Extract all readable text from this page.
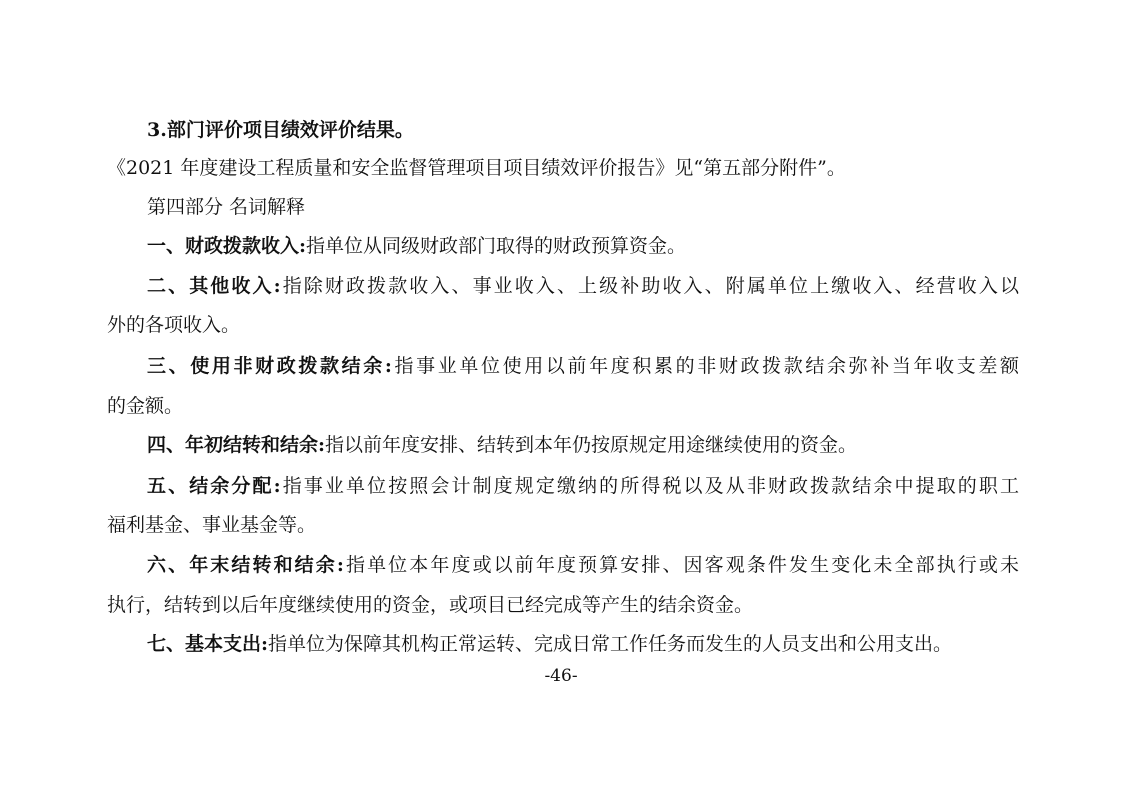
3.部门评价项目绩效评价结果。
《2021 年度建设工程质量和安全监督管理项目项目绩效评价报告》见“第五部分附件”。
第四部分 名词解释
一、财政拨款收入:指单位从同级财政部门取得的财政预算资金。
二、其他收入:指除财政拨款收入、事业收入、上级补助收入、附属单位上缴收入、经营收入以
外的各项收入。
三、使用非财政拨款结余:指事业单位使用以前年度积累的非财政拨款结余弥补当年收支差额
的金额。
四、年初结转和结余:指以前年度安排、结转到本年仍按原规定用途继续使用的资金。
五、结余分配:指事业单位按照会计制度规定缴纳的所得税以及从非财政拨款结余中提取的职工
福利基金、事业基金等。
六、年末结转和结余:指单位本年度或以前年度预算安排、因客观条件发生变化未全部执行或未
执行，结转到以后年度继续使用的资金，或项目已经完成等产生的结余资金。
七、基本支出:指单位为保障其机构正常运转、完成日常工作任务而发生的人员支出和公用支出。
-46-
